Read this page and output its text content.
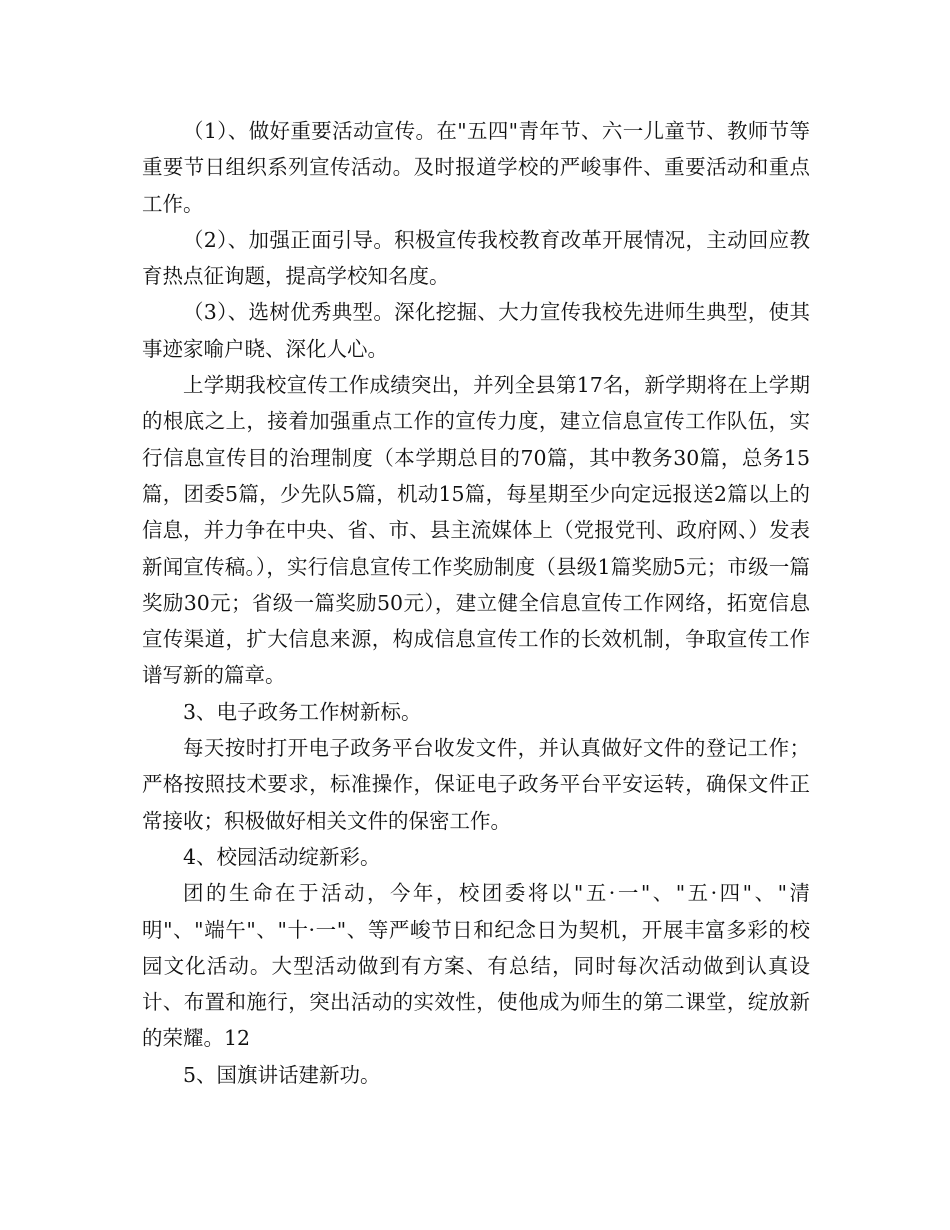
（1）、做好重要活动宣传。在"五四"青年节、六一儿童节、教师节等重要节日组织系列宣传活动。及时报道学校的严峻事件、重要活动和重点工作。

（2）、加强正面引导。积极宣传我校教育改革开展情况，主动回应教育热点征询题，提高学校知名度。

（3）、选树优秀典型。深化挖掘、大力宣传我校先进师生典型，使其事迹家喻户晓、深化人心。

上学期我校宣传工作成绩突出，并列全县第17名，新学期将在上学期的根底之上，接着加强重点工作的宣传力度，建立信息宣传工作队伍，实行信息宣传目的治理制度（本学期总目的70篇，其中教务30篇，总务15篇，团委5篇，少先队5篇，机动15篇，每星期至少向定远报送2篇以上的信息，并力争在中央、省、市、县主流媒体上（党报党刊、政府网、）发表新闻宣传稿。），实行信息宣传工作奖励制度（县级1篇奖励5元；市级一篇奖励30元；省级一篇奖励50元），建立健全信息宣传工作网络，拓宽信息宣传渠道，扩大信息来源，构成信息宣传工作的长效机制，争取宣传工作谱写新的篇章。

3、电子政务工作树新标。

每天按时打开电子政务平台收发文件，并认真做好文件的登记工作；严格按照技术要求，标准操作，保证电子政务平台平安运转，确保文件正常接收；积极做好相关文件的保密工作。

4、校园活动绽新彩。

团的生命在于活动，今年，校团委将以"五·一"、"五·四"、"清明"、"端午"、"十·一"、等严峻节日和纪念日为契机，开展丰富多彩的校园文化活动。大型活动做到有方案、有总结，同时每次活动做到认真设计、布置和施行，突出活动的实效性，使他成为师生的第二课堂，绽放新的荣耀。12

5、国旗讲话建新功。
